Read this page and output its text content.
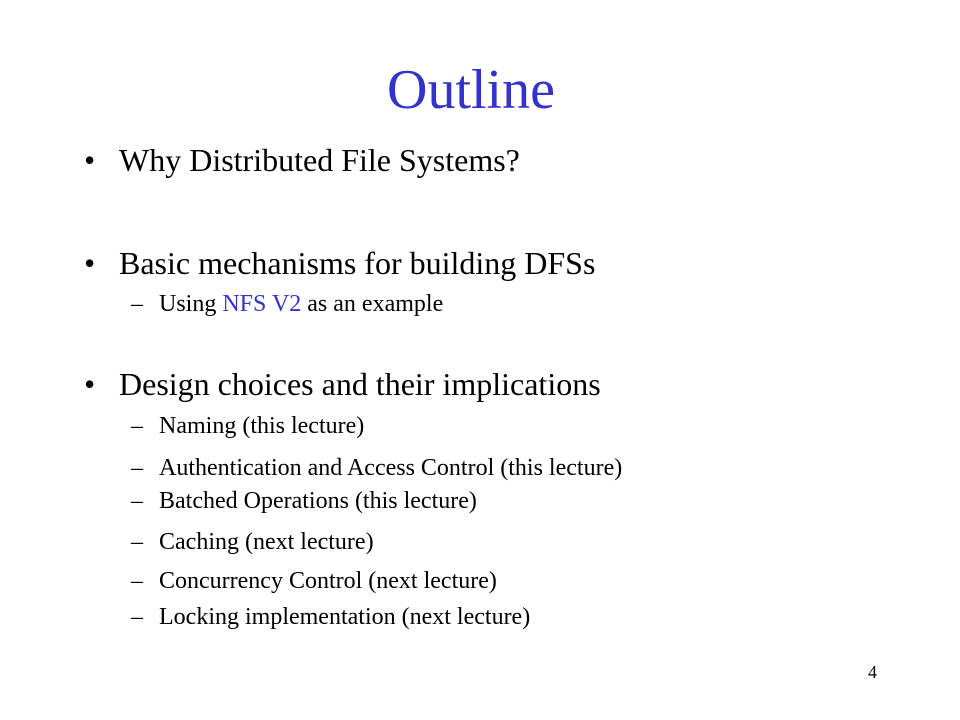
Outline
• Why Distributed File Systems?
• Basic mechanisms for building DFSs
– Using NFS V2 as an example
• Design choices and their implications
– Naming (this lecture)
– Authentication and Access Control (this lecture)
– Batched Operations (this lecture)
– Caching (next lecture)
– Concurrency Control (next lecture)
– Locking implementation (next lecture)
4
